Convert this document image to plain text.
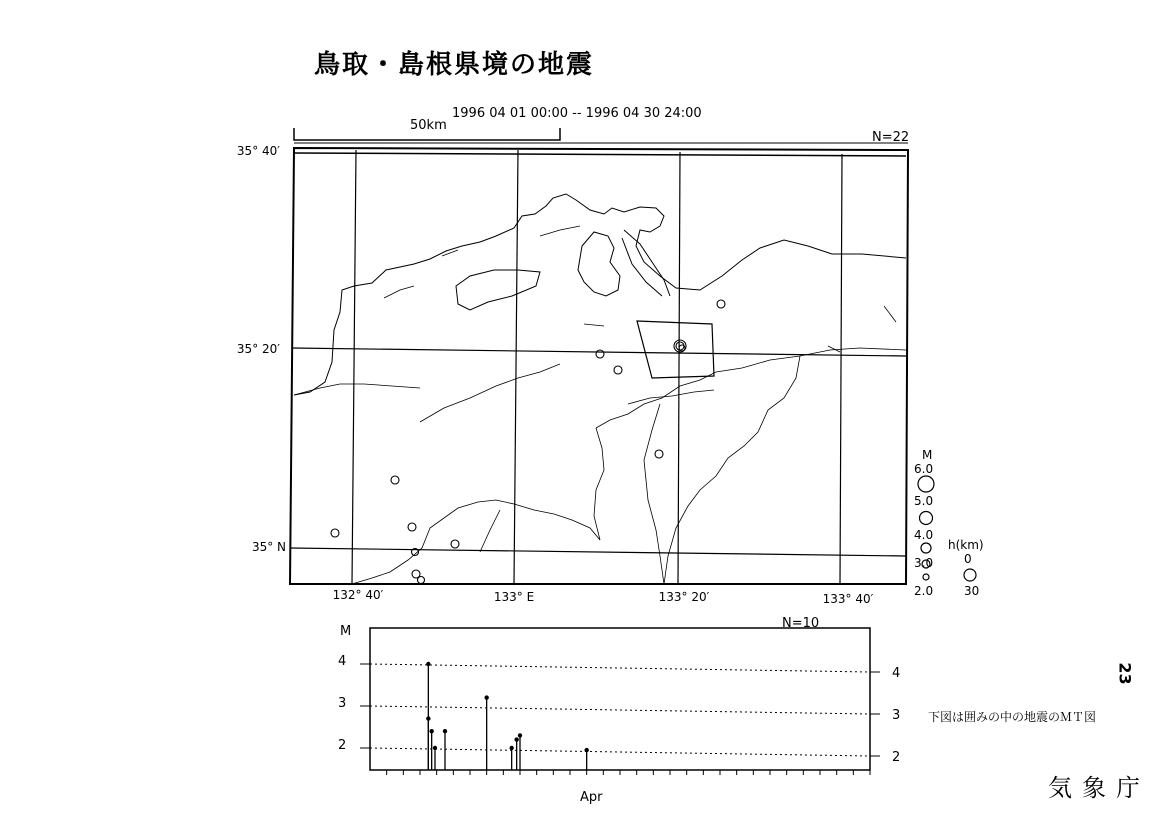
鳥取・島根県境の地震
1996 04 01 00:00 -- 1996 04 30 24:00
50km
N=22
35° 40′
35° 20′
35° N
132° 40′	133° E	133° 20′	133° 40′
M
6.0
5.0
4.0
3.0
2.0
h(km)
0
30
N=10
M
4
3
2
4
3
2
Apr
23
下図は囲みの中の地震のＭＴ図
気象庁
